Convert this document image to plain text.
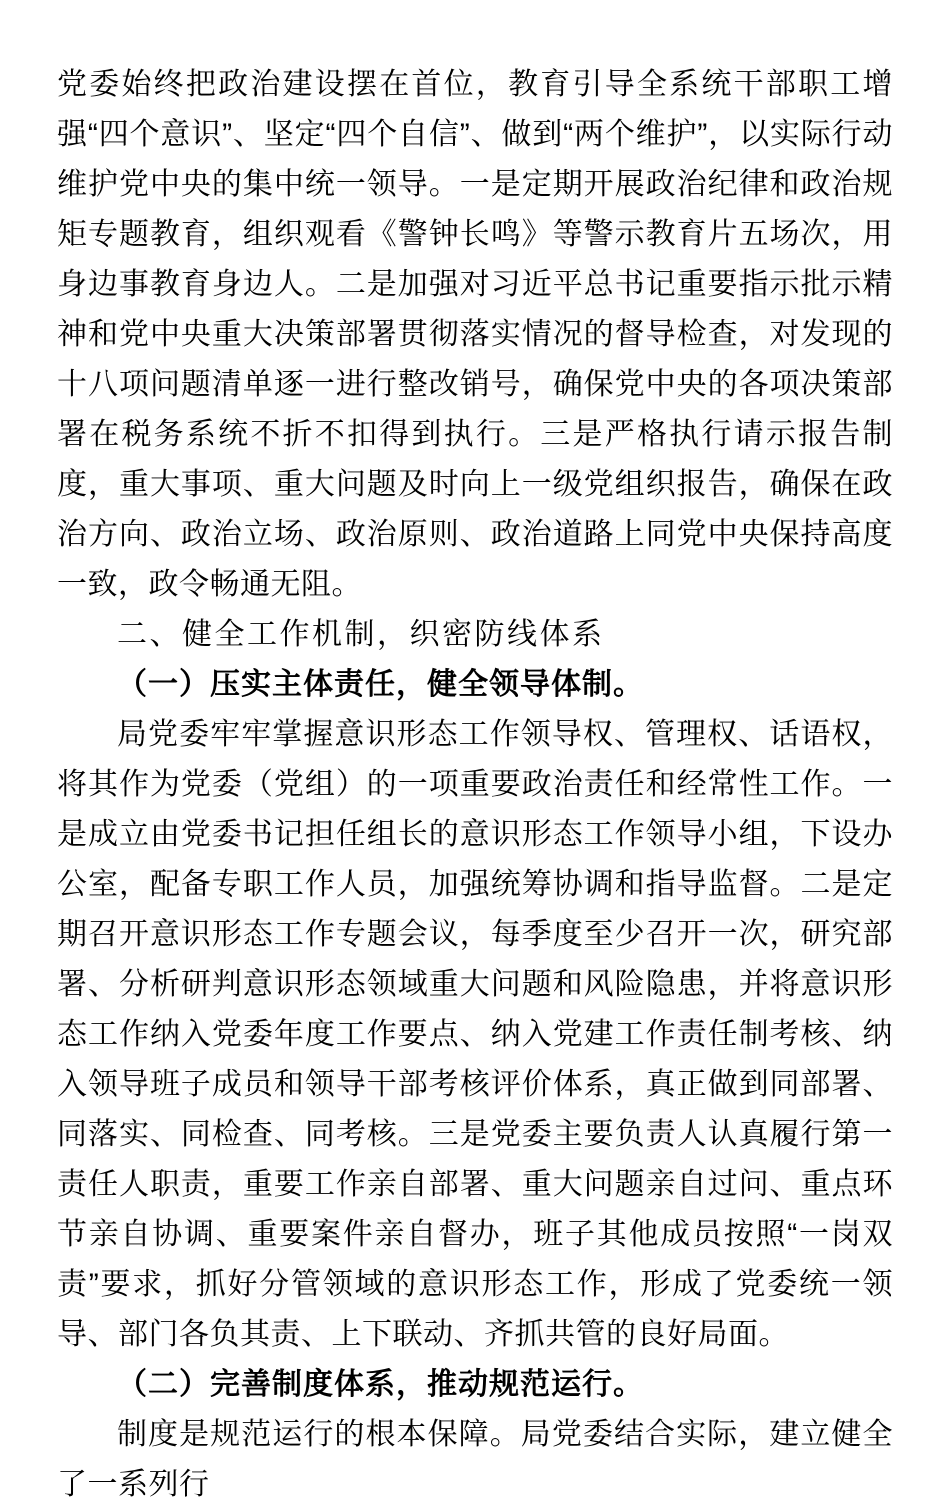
党委始终把政治建设摆在首位，教育引导全系统干部职工增强“四个意识”、坚定“四个自信”、做到“两个维护”，以实际行动维护党中央的集中统一领导。一是定期开展政治纪律和政治规矩专题教育，组织观看《警钟长鸣》等警示教育片五场次，用身边事教育身边人。二是加强对习近平总书记重要指示批示精神和党中央重大决策部署贯彻落实情况的督导检查，对发现的十八项问题清单逐一进行整改销号，确保党中央的各项决策部署在税务系统不折不扣得到执行。三是严格执行请示报告制度，重大事项、重大问题及时向上一级党组织报告，确保在政治方向、政治立场、政治原则、政治道路上同党中央保持高度一致，政令畅通无阻。

二、健全工作机制，织密防线体系

（一）压实主体责任，健全领导体制。

局党委牢牢掌握意识形态工作领导权、管理权、话语权，将其作为党委（党组）的一项重要政治责任和经常性工作。一是成立由党委书记担任组长的意识形态工作领导小组，下设办公室，配备专职工作人员，加强统筹协调和指导监督。二是定期召开意识形态工作专题会议，每季度至少召开一次，研究部署、分析研判意识形态领域重大问题和风险隐患，并将意识形态工作纳入党委年度工作要点、纳入党建工作责任制考核、纳入领导班子成员和领导干部考核评价体系，真正做到同部署、同落实、同检查、同考核。三是党委主要负责人认真履行第一责任人职责，重要工作亲自部署、重大问题亲自过问、重点环节亲自协调、重要案件亲自督办，班子其他成员按照“一岗双责”要求，抓好分管领域的意识形态工作，形成了党委统一领导、部门各负其责、上下联动、齐抓共管的良好局面。

（二）完善制度体系，推动规范运行。

制度是规范运行的根本保障。局党委结合实际，建立健全了一系列行
